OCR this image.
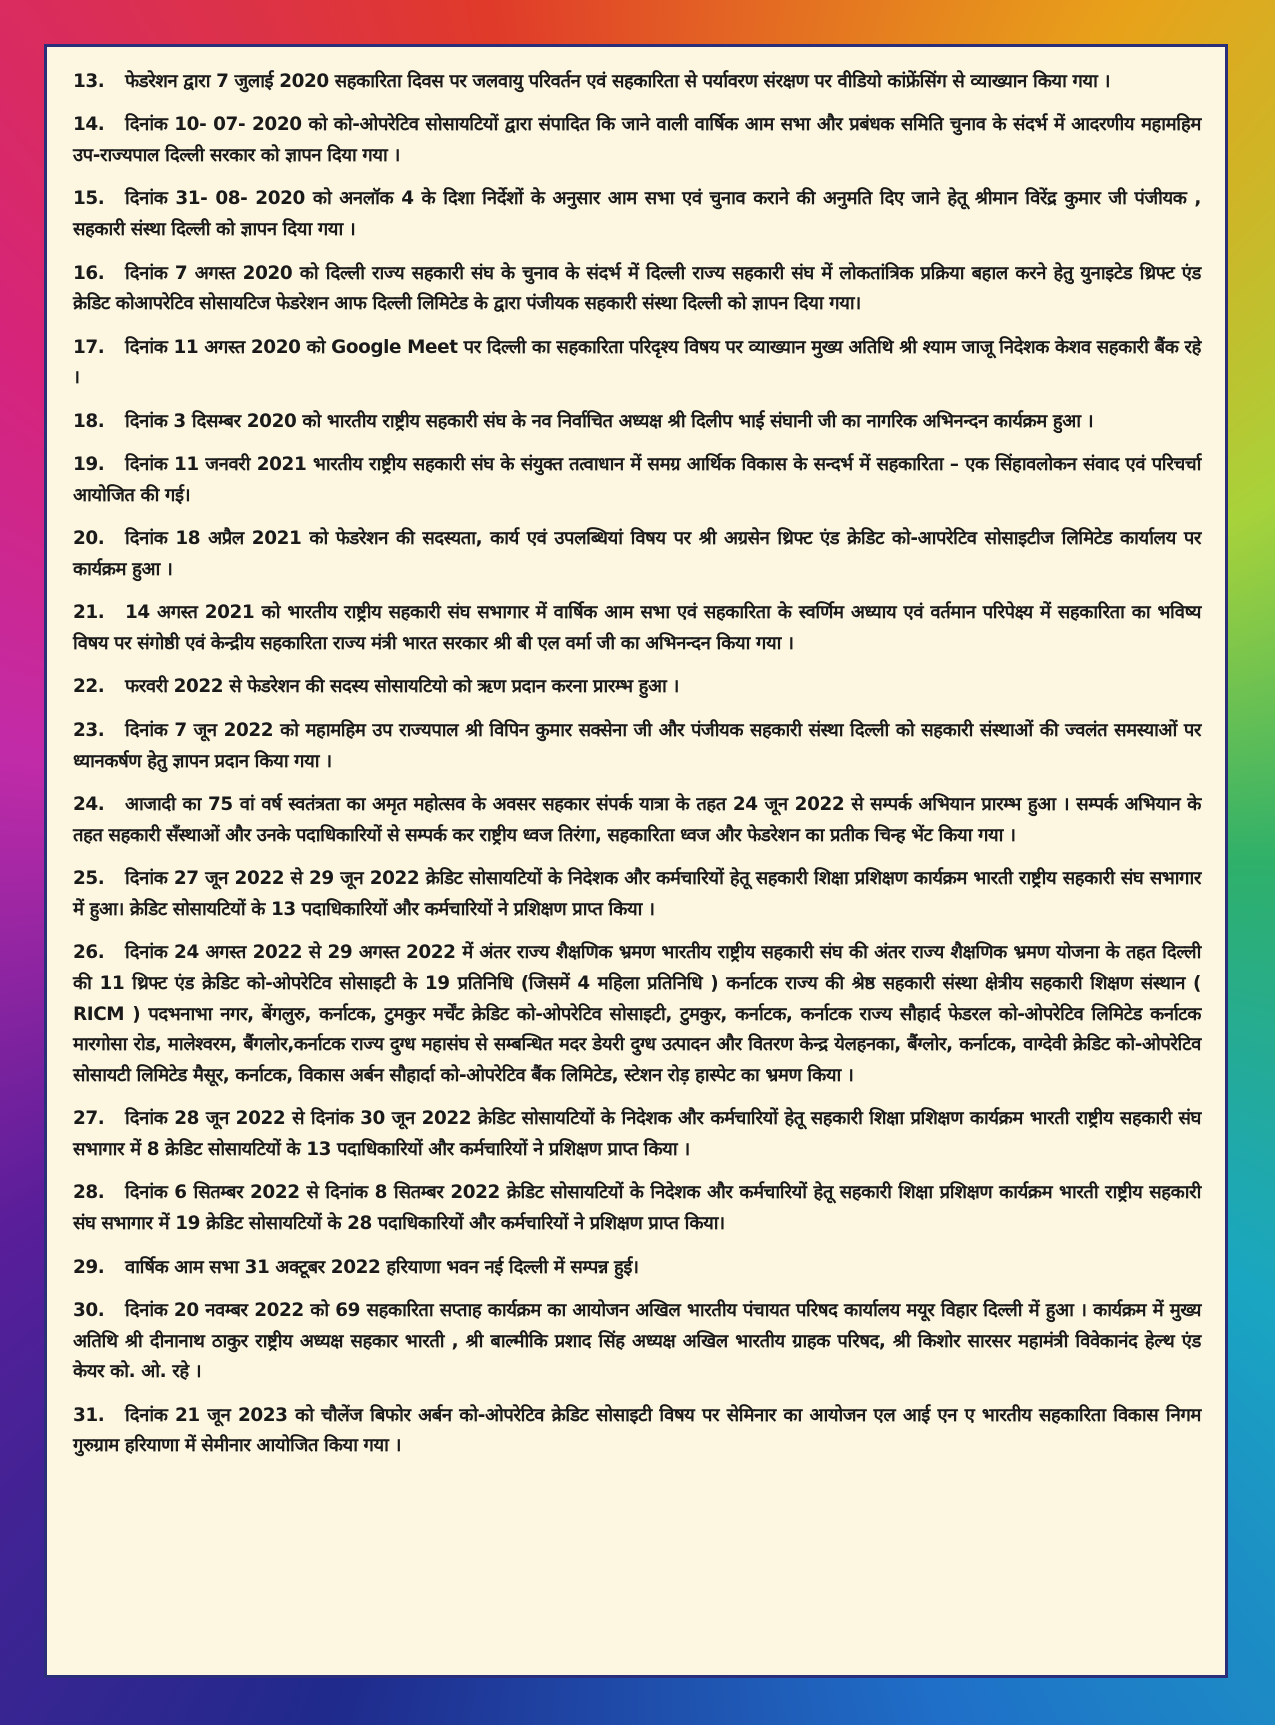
13. फेडरेशन द्वारा 7 जुलाई 2020 सहकारिता दिवस पर जलवायु परिवर्तन एवं सहकारिता से पर्यावरण संरक्षण पर वीडियो कांफ्रेंसिंग से व्याख्यान किया गया ।

14. दिनांक 10- 07- 2020 को को-ओपरेटिव सोसायटियों द्वारा संपादित कि जाने वाली वार्षिक आम सभा और प्रबंधक समिति चुनाव के संदर्भ में आदरणीय महामहिम उप-राज्यपाल दिल्ली सरकार को ज्ञापन दिया गया ।

15. दिनांक 31- 08- 2020 को अनलॉक 4 के दिशा निर्देशों के अनुसार आम सभा एवं चुनाव कराने की अनुमति दिए जाने हेतू श्रीमान विरेंद्र कुमार जी पंजीयक , सहकारी संस्था दिल्ली को ज्ञापन दिया गया ।

16. दिनांक 7 अगस्त 2020 को दिल्ली राज्य सहकारी संघ के चुनाव के संदर्भ में दिल्ली राज्य सहकारी संघ में लोकतांत्रिक प्रक्रिया बहाल करने हेतु युनाइटेड थ्रिफ्ट एंड क्रेडिट कोआपरेटिव सोसायटिज फेडरेशन आफ दिल्ली लिमिटेड के द्वारा पंजीयक सहकारी संस्था दिल्ली को ज्ञापन दिया गया।

17. दिनांक 11 अगस्त 2020 को Google Meet पर दिल्ली का सहकारिता परिदृश्य विषय पर व्याख्यान मुख्य अतिथि श्री श्याम जाजू निदेशक केशव सहकारी बैंक रहे ।

18. दिनांक 3 दिसम्बर 2020 को भारतीय राष्ट्रीय सहकारी संघ के नव निर्वाचित अध्यक्ष श्री दिलीप भाई संघानी जी का नागरिक अभिनन्दन कार्यक्रम हुआ ।

19. दिनांक 11 जनवरी 2021 भारतीय राष्ट्रीय सहकारी संघ के संयुक्त तत्वाधान में समग्र आर्थिक विकास के सन्दर्भ में सहकारिता – एक सिंहावलोकन संवाद एवं परिचर्चा आयोजित की गई।

20. दिनांक 18 अप्रैल 2021 को फेडरेशन की सदस्यता, कार्य एवं उपलब्धियां विषय पर श्री अग्रसेन थ्रिफ्ट एंड क्रेडिट को-आपरेटिव सोसाइटीज लिमिटेड कार्यालय पर कार्यक्रम हुआ ।

21. 14 अगस्त 2021 को भारतीय राष्ट्रीय सहकारी संघ सभागार में वार्षिक आम सभा एवं सहकारिता के स्वर्णिम अध्याय एवं वर्तमान परिपेक्ष्य में सहकारिता का भविष्य विषय पर संगोष्ठी एवं केन्द्रीय सहकारिता राज्य मंत्री भारत सरकार श्री बी एल वर्मा जी का अभिनन्दन किया गया ।

22. फरवरी 2022 से फेडरेशन की सदस्य सोसायटियो को ऋण प्रदान करना प्रारम्भ हुआ ।

23. दिनांक 7 जून 2022 को महामहिम उप राज्यपाल श्री विपिन कुमार सक्सेना जी और पंजीयक सहकारी संस्था दिल्ली को सहकारी संस्थाओं की ज्वलंत समस्याओं पर ध्यानकर्षण हेतु ज्ञापन प्रदान किया गया ।

24. आजादी का 75 वां वर्ष स्वतंत्रता का अमृत महोत्सव के अवसर सहकार संपर्क यात्रा के तहत 24 जून 2022 से सम्पर्क अभियान प्रारम्भ हुआ । सम्पर्क अभियान के तहत सहकारी सँस्थाओं और उनके पदाधिकारियों से सम्पर्क कर राष्ट्रीय ध्वज तिरंगा, सहकारिता ध्वज और फेडरेशन का प्रतीक चिन्ह भेंट किया गया ।

25. दिनांक 27 जून 2022 से 29 जून 2022 क्रेडिट सोसायटियों के निदेशक और कर्मचारियों हेतू सहकारी शिक्षा प्रशिक्षण कार्यक्रम भारती राष्ट्रीय सहकारी संघ सभागार में हुआ। क्रेडिट सोसायटियों के 13 पदाधिकारियों और कर्मचारियों ने प्रशिक्षण प्राप्त किया ।

26. दिनांक 24 अगस्त 2022 से 29 अगस्त 2022 में अंतर राज्य शैक्षणिक भ्रमण भारतीय राष्ट्रीय सहकारी संघ की अंतर राज्य शैक्षणिक भ्रमण योजना के तहत दिल्ली की 11 थ्रिफ्ट एंड क्रेडिट को-ओपरेटिव सोसाइटी के 19 प्रतिनिधि (जिसमें 4 महिला प्रतिनिधि ) कर्नाटक राज्य की श्रेष्ठ सहकारी संस्था क्षेत्रीय सहकारी शिक्षण संस्थान ( RICM ) पदभनाभा नगर, बेंगलुरु, कर्नाटक, टुमकुर मर्चेंट क्रेडिट को-ओपरेटिव सोसाइटी, टुमकुर, कर्नाटक, कर्नाटक राज्य सौहार्द फेडरल को-ओपरेटिव लिमिटेड कर्नाटक मारगोसा रोड, मालेश्वरम, बैंगलोर,कर्नाटक राज्य दुग्ध महासंघ से सम्बन्धित मदर डेयरी दुग्ध उत्पादन और वितरण केन्द्र येलहनका, बैंग्लोर, कर्नाटक, वाग्देवी क्रेडिट को-ओपरेटिव सोसायटी लिमिटेड मैसूर, कर्नाटक, विकास अर्बन सौहार्दा को-ओपरेटिव बैंक लिमिटेड, स्टेशन रोड़ हास्पेट का भ्रमण किया ।

27. दिनांक 28 जून 2022 से दिनांक 30 जून 2022 क्रेडिट सोसायटियों के निदेशक और कर्मचारियों हेतू सहकारी शिक्षा प्रशिक्षण कार्यक्रम भारती राष्ट्रीय सहकारी संघ सभागार में 8 क्रेडिट सोसायटियों के 13 पदाधिकारियों और कर्मचारियों ने प्रशिक्षण प्राप्त किया ।

28. दिनांक 6 सितम्बर 2022 से दिनांक 8 सितम्बर 2022 क्रेडिट सोसायटियों के निदेशक और कर्मचारियों हेतू सहकारी शिक्षा प्रशिक्षण कार्यक्रम भारती राष्ट्रीय सहकारी संघ सभागार में 19 क्रेडिट सोसायटियों के 28 पदाधिकारियों और कर्मचारियों ने प्रशिक्षण प्राप्त किया।

29. वार्षिक आम सभा 31 अक्टूबर 2022 हरियाणा भवन नई दिल्ली में सम्पन्न हुई।

30. दिनांक 20 नवम्बर 2022 को 69 सहकारिता सप्ताह कार्यक्रम का आयोजन अखिल भारतीय पंचायत परिषद कार्यालय मयूर विहार दिल्ली में हुआ । कार्यक्रम में मुख्य अतिथि श्री दीनानाथ ठाकुर राष्ट्रीय अध्यक्ष सहकार भारती , श्री बाल्मीकि प्रशाद सिंह अध्यक्ष अखिल भारतीय ग्राहक परिषद, श्री किशोर सारसर महामंत्री विवेकानंद हेल्थ एंड केयर को. ओ. रहे ।

31. दिनांक 21 जून 2023 को चौलेंज बिफोर अर्बन को-ओपरेटिव क्रेडिट सोसाइटी विषय पर सेमिनार का आयोजन एल आई एन ए भारतीय सहकारिता विकास निगम गुरुग्राम हरियाणा में सेमीनार आयोजित किया गया ।
